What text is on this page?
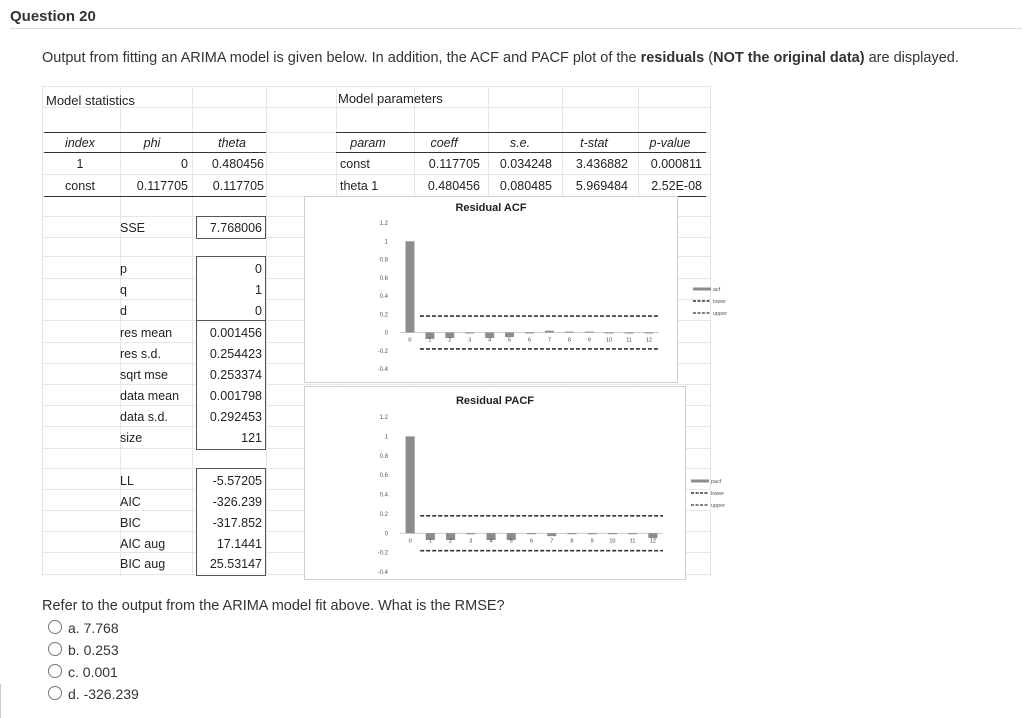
Question 20
Output from fitting an ARIMA model is given below. In addition, the ACF and PACF plot of the residuals (NOT the original data) are displayed.
Model statistics	Model parameters
index	phi	theta
1	0	0.480456
const	0.117705	0.117705
SSE	7.768006
p	0
q	1
d	0
res mean	0.001456
res s.d.	0.254423
sqrt mse	0.253374
data mean	0.001798
data s.d.	0.292453
size	121
LL	-5.57205
AIC	-326.239
BIC	-317.852
AIC aug	17.1441
BIC aug	25.53147
param	coeff	s.e.	t-stat	p-value
const	0.117705	0.034248	3.436882	0.000811
theta 1	0.480456	0.080485	5.969484	2.52E-08
Residual ACF
1.2
1
0.8
0.6
0.4
0.2
0
-0.2
-0.4
0	1	2	3	4	5	6	7	8	9	10	11	12
acf
lower
upper
Residual PACF
1.2
1
0.8
0.6
0.4
0.2
0
-0.2
-0.4
0	1	2	3	4	5	6	7	8	9	10	11	12
pacf
lower
upper
Refer to the output from the ARIMA model fit above. What is the RMSE?
a. 7.768
b. 0.253
c. 0.001
d. -326.239
